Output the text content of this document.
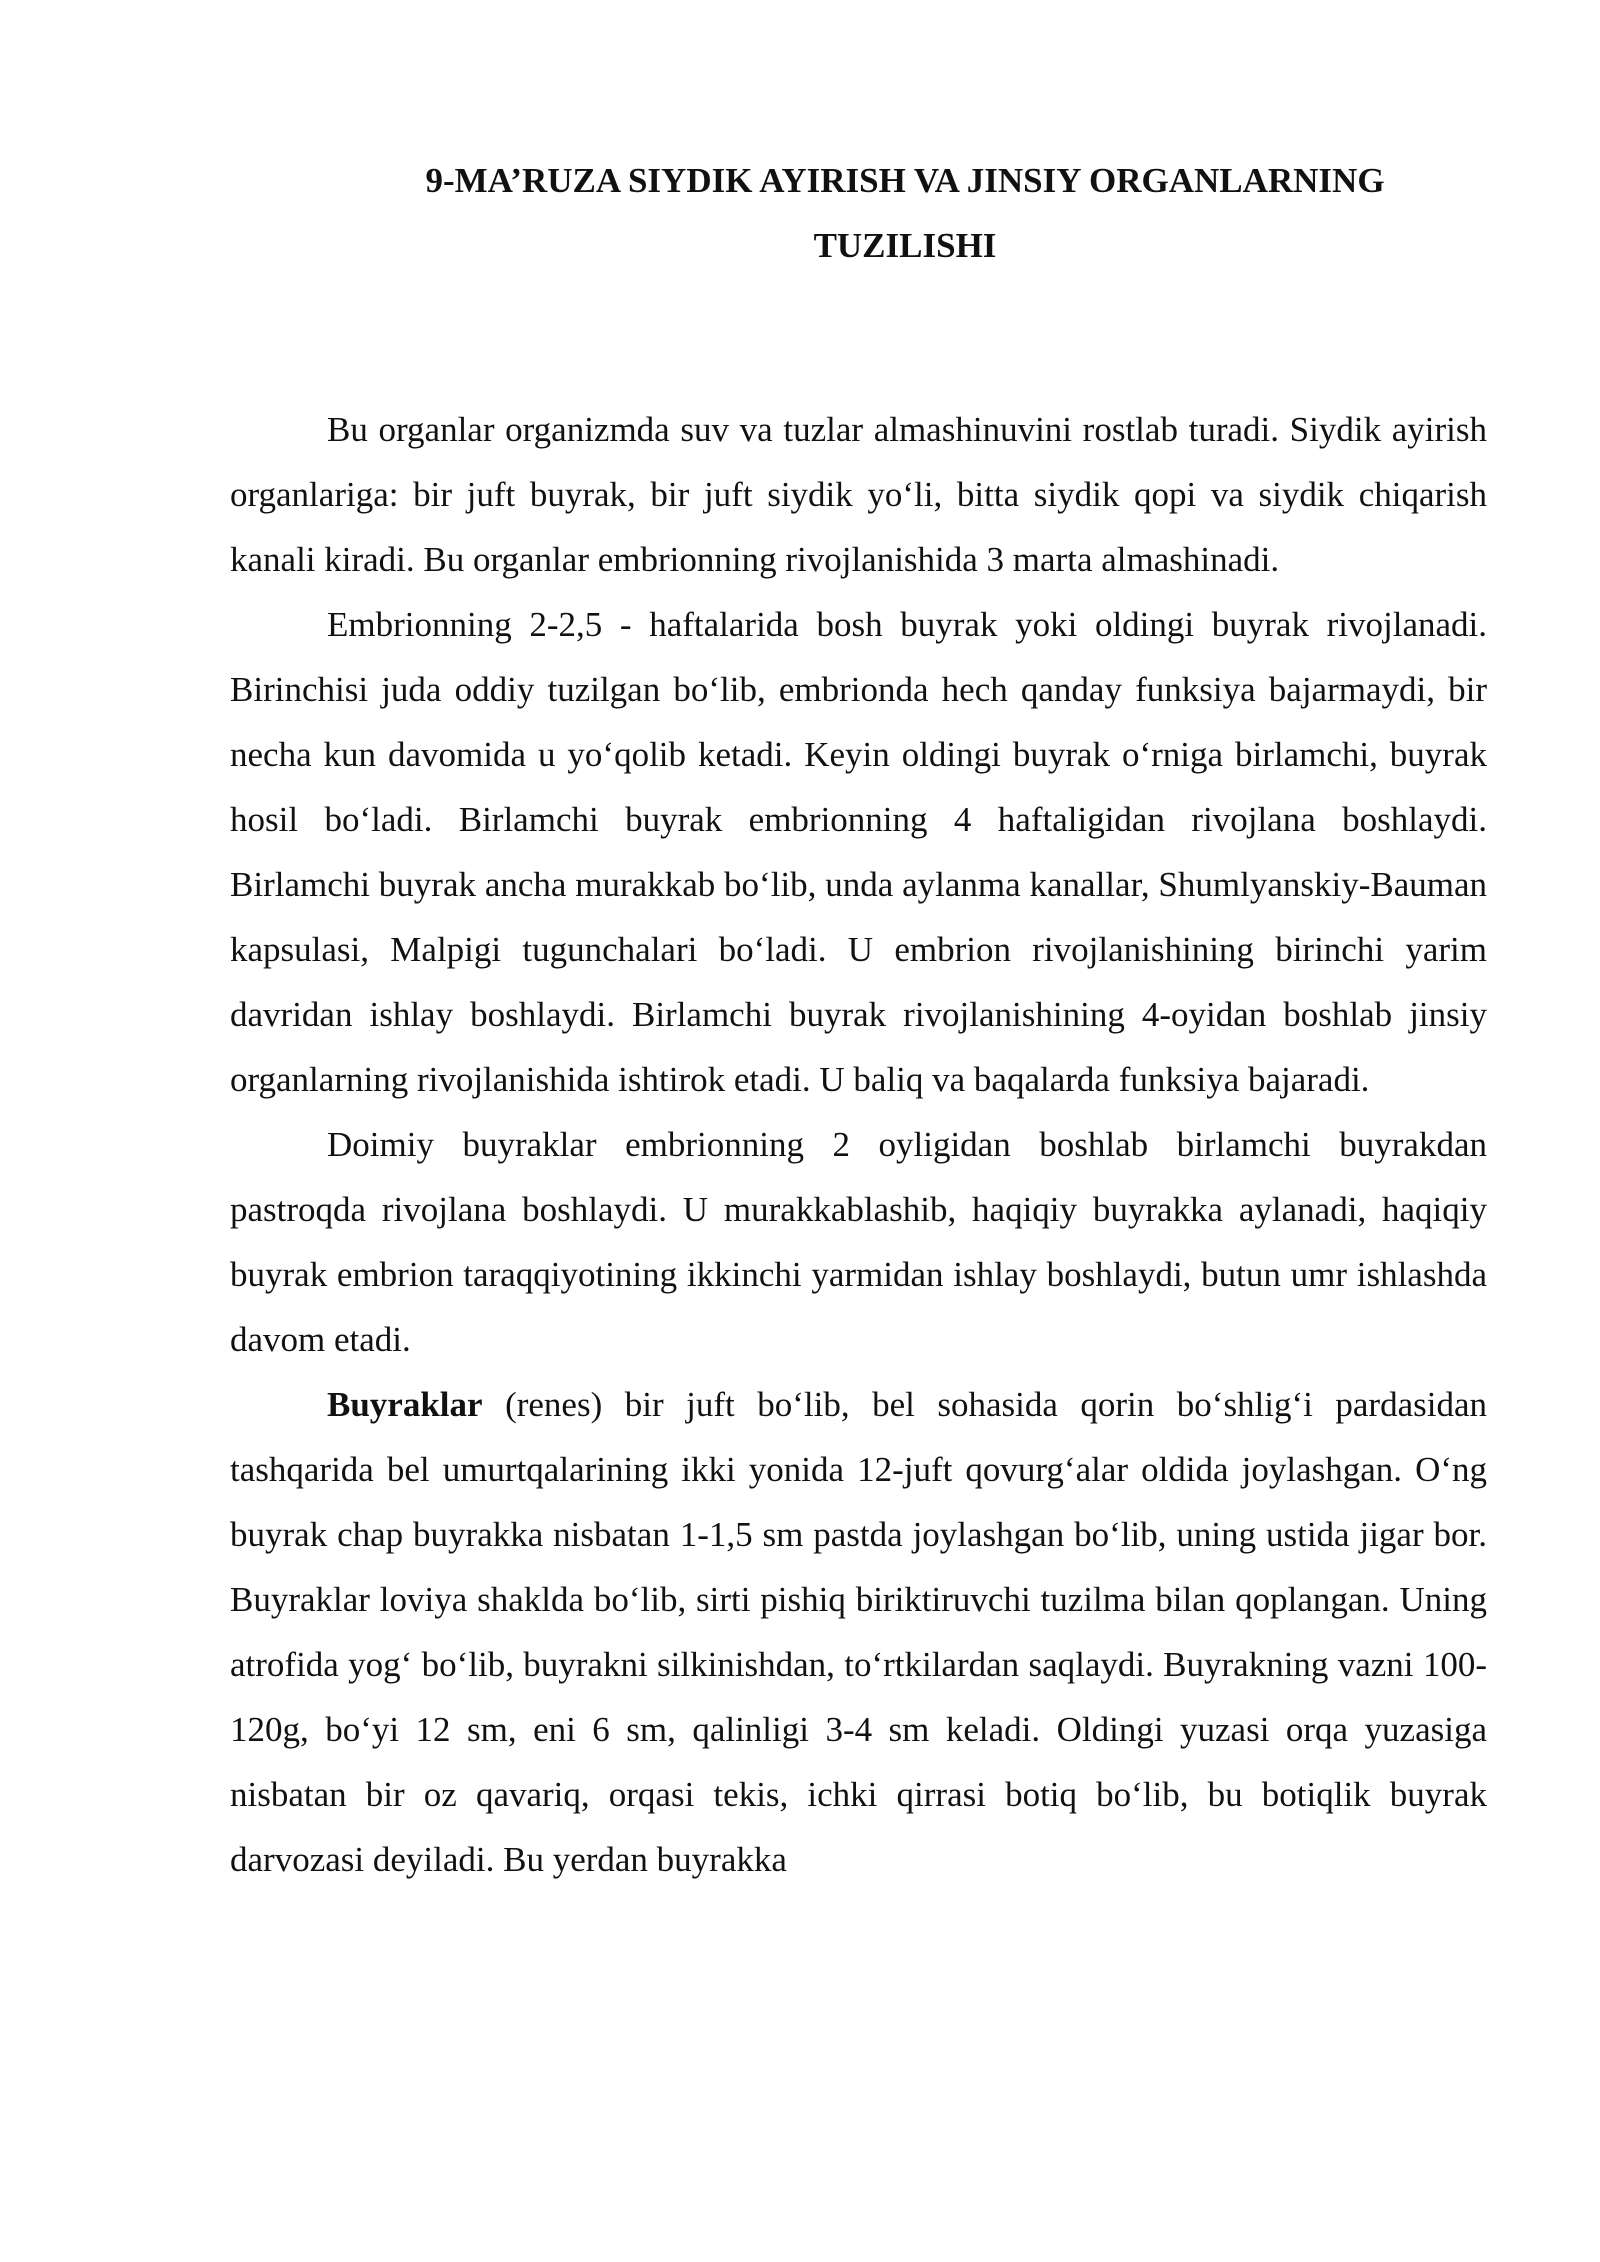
9-MA’RUZA SIYDIK AYIRISH VA JINSIY ORGANLARNING
TUZILISHI

Bu organlar organizmda suv va tuzlar almashinuvini rostlab turadi. Siydik ayirish organlariga: bir juft buyrak, bir juft siydik yo‘li, bitta siydik qopi va siydik chiqarish kanali kiradi. Bu organlar embrionning rivojlanishida 3 marta almashinadi.

Embrionning 2-2,5 - haftalarida bosh buyrak yoki oldingi buyrak rivojlanadi. Birinchisi juda oddiy tuzilgan bo‘lib, embrionda hech qanday funksiya bajarmaydi, bir necha kun davomida u yo‘qolib ketadi. Keyin oldingi buyrak o‘rniga birlamchi, buyrak hosil bo‘ladi. Birlamchi buyrak embrionning 4 haftaligidan rivojlana boshlaydi. Birlamchi buyrak ancha murakkab bo‘lib, unda aylanma kanallar, Shumlyanskiy-Bauman kapsulasi, Malpigi tugunchalari bo‘ladi. U embrion rivojlanishining birinchi yarim davridan ishlay boshlaydi. Birlamchi buyrak rivojlanishining 4-oyidan boshlab jinsiy organlarning rivojlanishida ishtirok etadi. U baliq va baqalarda funksiya bajaradi.

Doimiy buyraklar embrionning 2 oyligidan boshlab birlamchi buyrakdan pastroqda rivojlana boshlaydi. U murakkablashib, haqiqiy buyrakka aylanadi, haqiqiy buyrak embrion taraqqiyotining ikkinchi yarmidan ishlay boshlaydi, butun umr ishlashda davom etadi.

Buyraklar (renes) bir juft bo‘lib, bel sohasida qorin bo‘shlig‘i pardasidan tashqarida bel umurtqalarining ikki yonida 12-juft qovurg‘alar oldida joylashgan. O‘ng buyrak chap buyrakka nisbatan 1-1,5 sm pastda joylashgan bo‘lib, uning ustida jigar bor. Buyraklar loviya shaklda bo‘lib, sirti pishiq biriktiruvchi tuzilma bilan qoplangan. Uning atrofida yog‘ bo‘lib, buyrakni silkinishdan, to‘rtkilardan saqlaydi. Buyrakning vazni 100-120g, bo‘yi 12 sm, eni 6 sm, qalinligi 3-4 sm keladi. Oldingi yuzasi orqa yuzasiga nisbatan bir oz qavariq, orqasi tekis, ichki qirrasi botiq bo‘lib, bu botiqlik buyrak darvozasi deyiladi. Bu yerdan buyrakka
